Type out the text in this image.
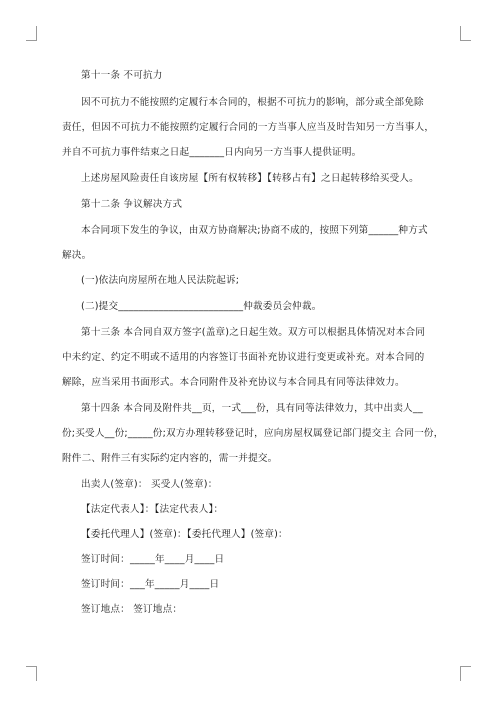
第十一条 不可抗力
因不可抗力不能按照约定履行本合同的，根据不可抗力的影响，部分或全部免除
责任，但因不可抗力不能按照约定履行合同的一方当事人应当及时告知另一方当事人，
并自不可抗力事件结束之日起_______日内向另一方当事人提供证明。
上述房屋风险责任自该房屋【所有权转移】【转移占有】之日起转移给买受人。
第十二条 争议解决方式
本合同项下发生的争议，由双方协商解决;协商不成的，按照下列第______种方式
解决。
(一)依法向房屋所在地人民法院起诉;
(二)提交_________________________仲裁委员会仲裁。
第十三条 本合同自双方签字(盖章)之日起生效。双方可以根据具体情况对本合同
中未约定、约定不明或不适用的内容签订书面补充协议进行变更或补充。对本合同的
解除，应当采用书面形式。本合同附件及补充协议与本合同具有同等法律效力。
第十四条 本合同及附件共__页，一式___份，具有同等法律效力，其中出卖人__
份;买受人__份;_____份;双方办理转移登记时，应向房屋权属登记部门提交主 合同一份，
附件二、附件三有实际约定内容的，需一并提交。
出卖人(签章)： 买受人(签章)：
【法定代表人】：【法定代表人】：
【委托代理人】(签章)：【委托代理人】(签章)：
签订时间：_____年____月____日
签订时间：___年_____月____日
签订地点： 签订地点：
